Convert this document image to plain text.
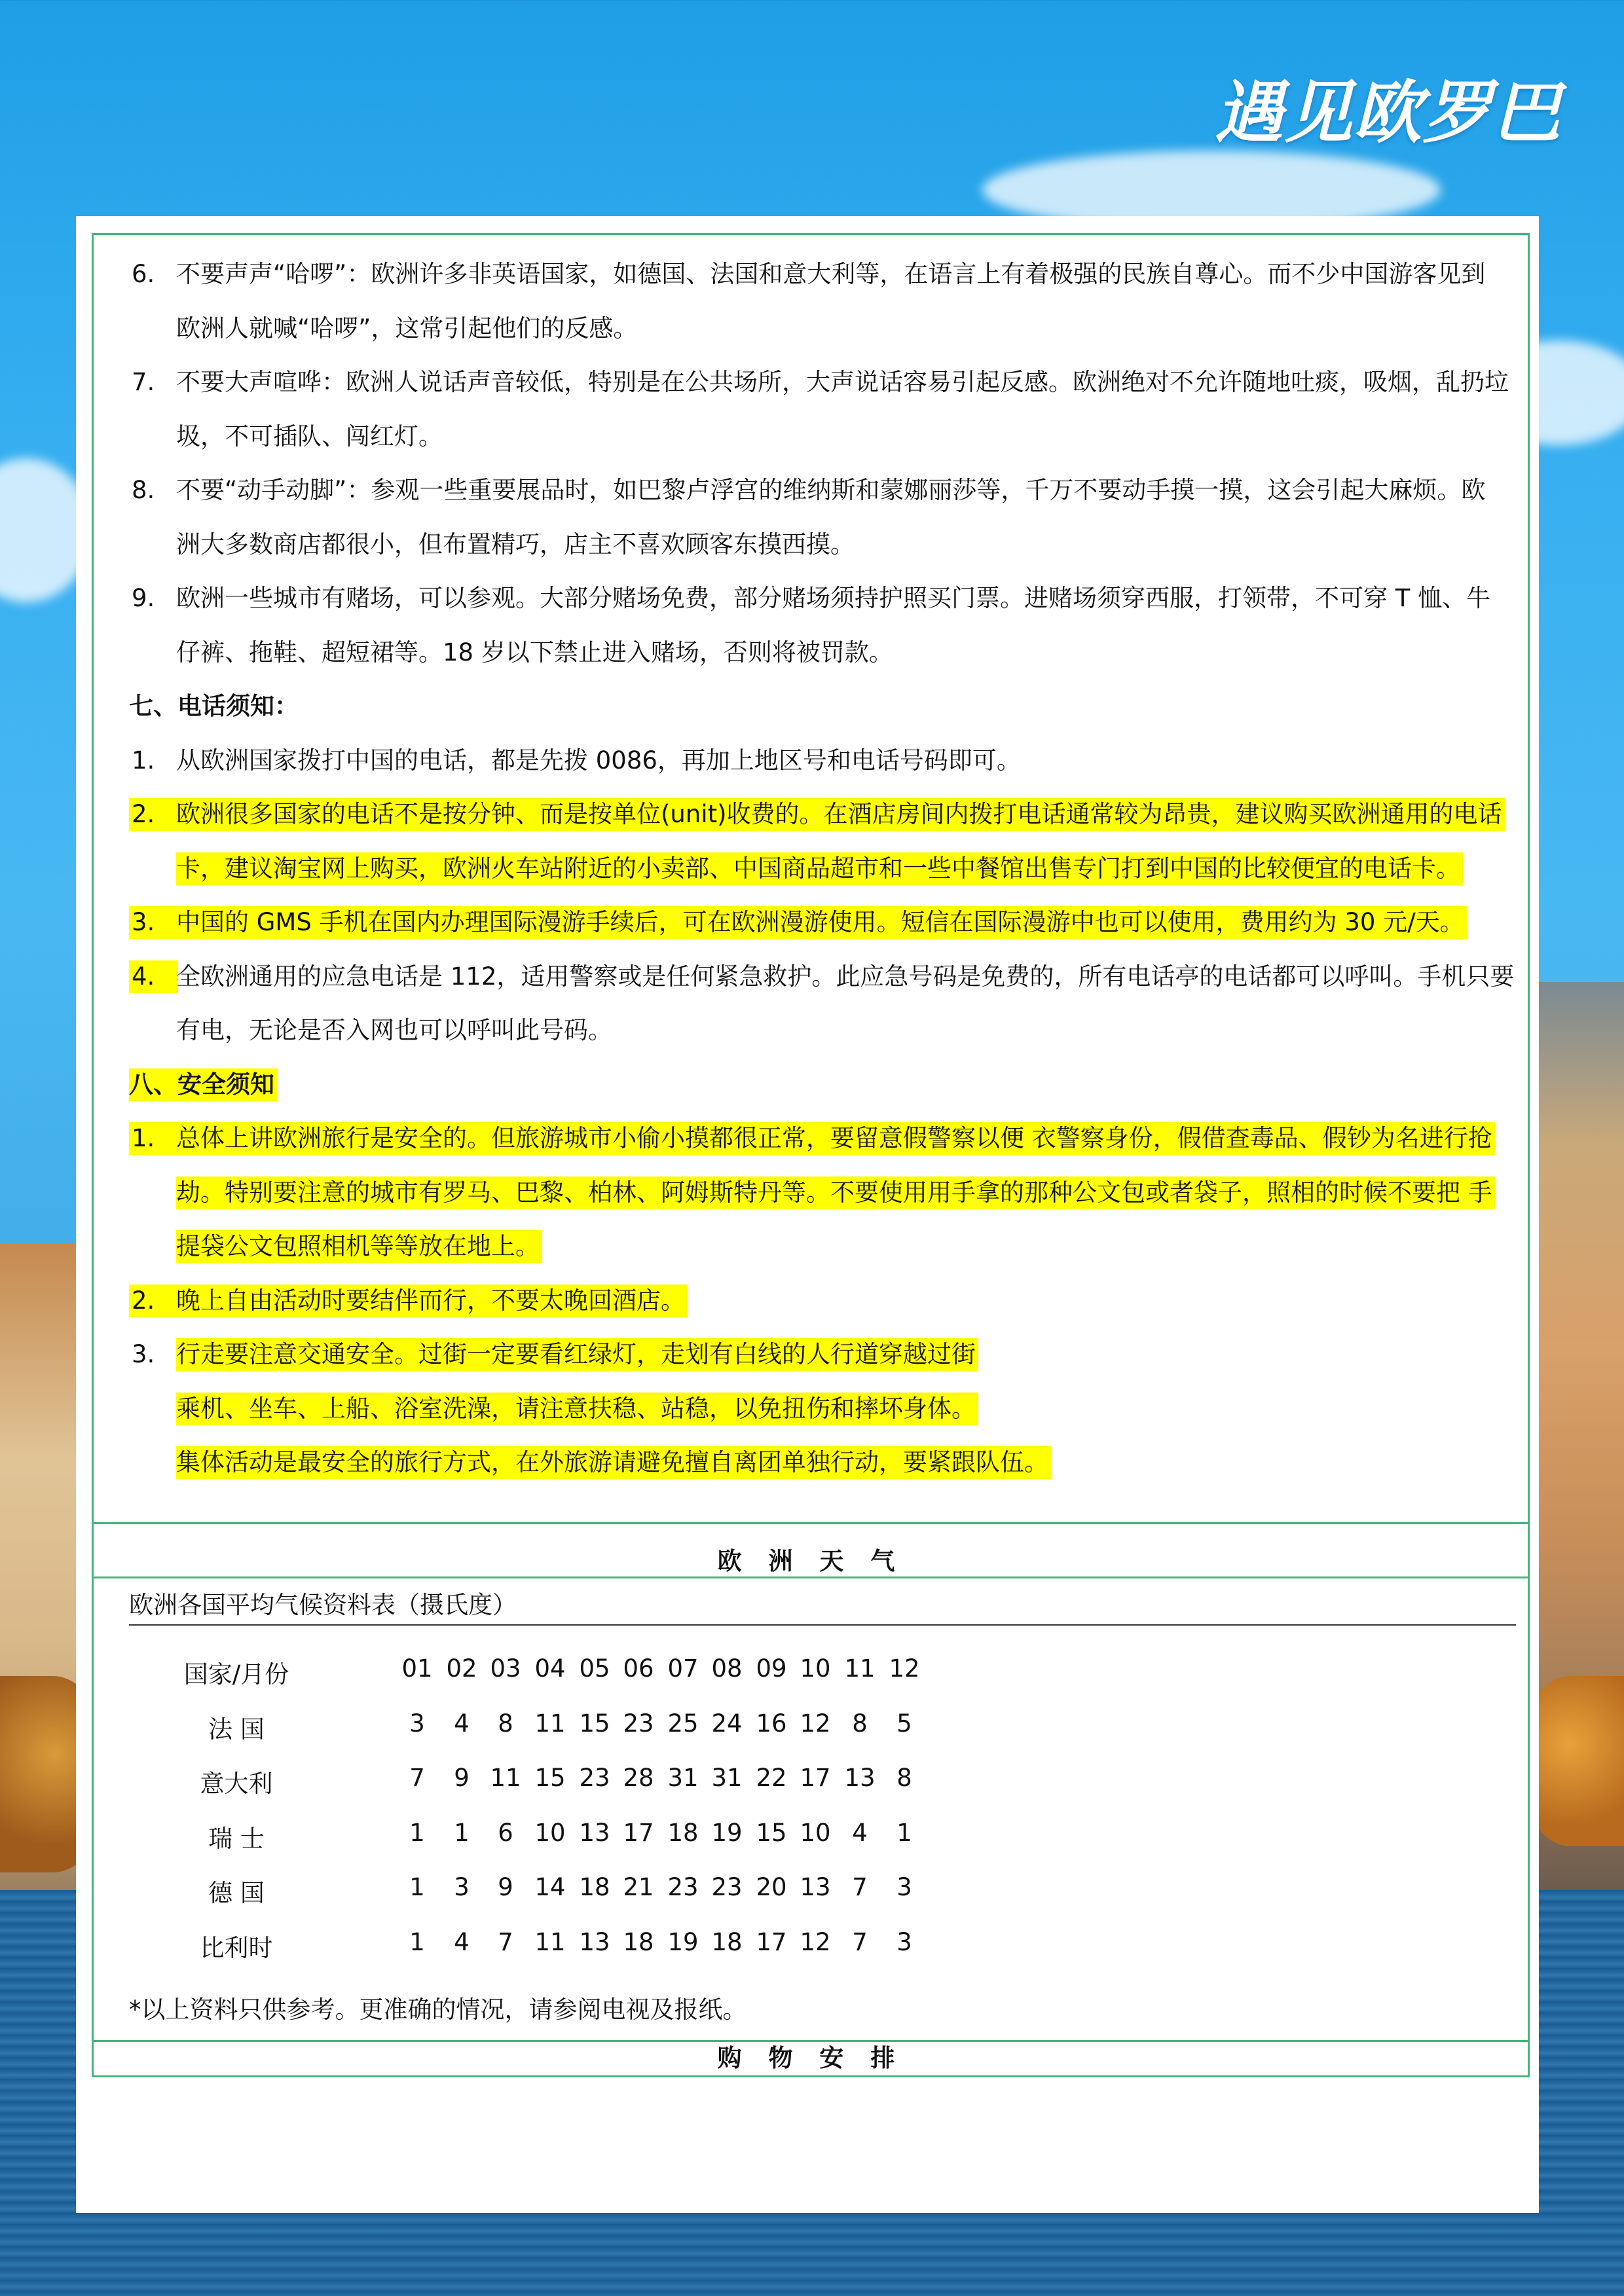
遇见欧罗巴
6. 不要声声“哈啰”：欧洲许多非英语国家，如德国、法国和意大利等，在语言上有着极强的民族自尊心。而不少中国游客见到
欧洲人就喊“哈啰”，这常引起他们的反感。
7. 不要大声喧哗：欧洲人说话声音较低，特别是在公共场所，大声说话容易引起反感。欧洲绝对不允许随地吐痰，吸烟，乱扔垃
圾，不可插队、闯红灯。
8. 不要“动手动脚”：参观一些重要展品时，如巴黎卢浮宫的维纳斯和蒙娜丽莎等，千万不要动手摸一摸，这会引起大麻烦。欧
洲大多数商店都很小，但布置精巧，店主不喜欢顾客东摸西摸。
9. 欧洲一些城市有赌场，可以参观。大部分赌场免费，部分赌场须持护照买门票。进赌场须穿西服，打领带，不可穿 T 恤、牛
仔裤、拖鞋、超短裙等。18 岁以下禁止进入赌场，否则将被罚款。
七、电话须知：
1. 从欧洲国家拨打中国的电话，都是先拨 0086，再加上地区号和电话号码即可。
2. 欧洲很多国家的电话不是按分钟、而是按单位(unit)收费的。在酒店房间内拨打电话通常较为昂贵，建议购买欧洲通用的电话
卡，建议淘宝网上购买，欧洲火车站附近的小卖部、中国商品超市和一些中餐馆出售专门打到中国的比较便宜的电话卡。
3. 中国的 GMS 手机在国内办理国际漫游手续后，可在欧洲漫游使用。短信在国际漫游中也可以使用，费用约为 30 元/天。
4. 全欧洲通用的应急电话是 112，适用警察或是任何紧急救护。此应急号码是免费的，所有电话亭的电话都可以呼叫。手机只要
有电，无论是否入网也可以呼叫此号码。
八、安全须知
1. 总体上讲欧洲旅行是安全的。但旅游城市小偷小摸都很正常，要留意假警察以便 衣警察身份，假借查毒品、假钞为名进行抢
劫。特别要注意的城市有罗马、巴黎、柏林、阿姆斯特丹等。不要使用用手拿的那种公文包或者袋子，照相的时候不要把 手
提袋公文包照相机等等放在地上。
2. 晚上自由活动时要结伴而行，不要太晚回酒店。
3. 行走要注意交通安全。过街一定要看红绿灯，走划有白线的人行道穿越过街
乘机、坐车、上船、浴室洗澡，请注意扶稳、站稳，以免扭伤和摔坏身体。
集体活动是最安全的旅行方式，在外旅游请避免擅自离团单独行动，要紧跟队伍。
欧 洲 天 气
欧洲各国平均气候资料表（摄氏度）
国家/月份	01 02 03 04 05 06 07 08 09 10 11 12
法 国	3 4 8 11 15 23 25 24 16 12 8 5
意大利	7 9 11 15 23 28 31 31 22 17 13 8
瑞 士	1 1 6 10 13 17 18 19 15 10 4 1
德 国	1 3 9 14 18 21 23 23 20 13 7 3
比利时	1 4 7 11 13 18 19 18 17 12 7 3
*以上资料只供参考。更准确的情况，请参阅电视及报纸。
购 物 安 排
